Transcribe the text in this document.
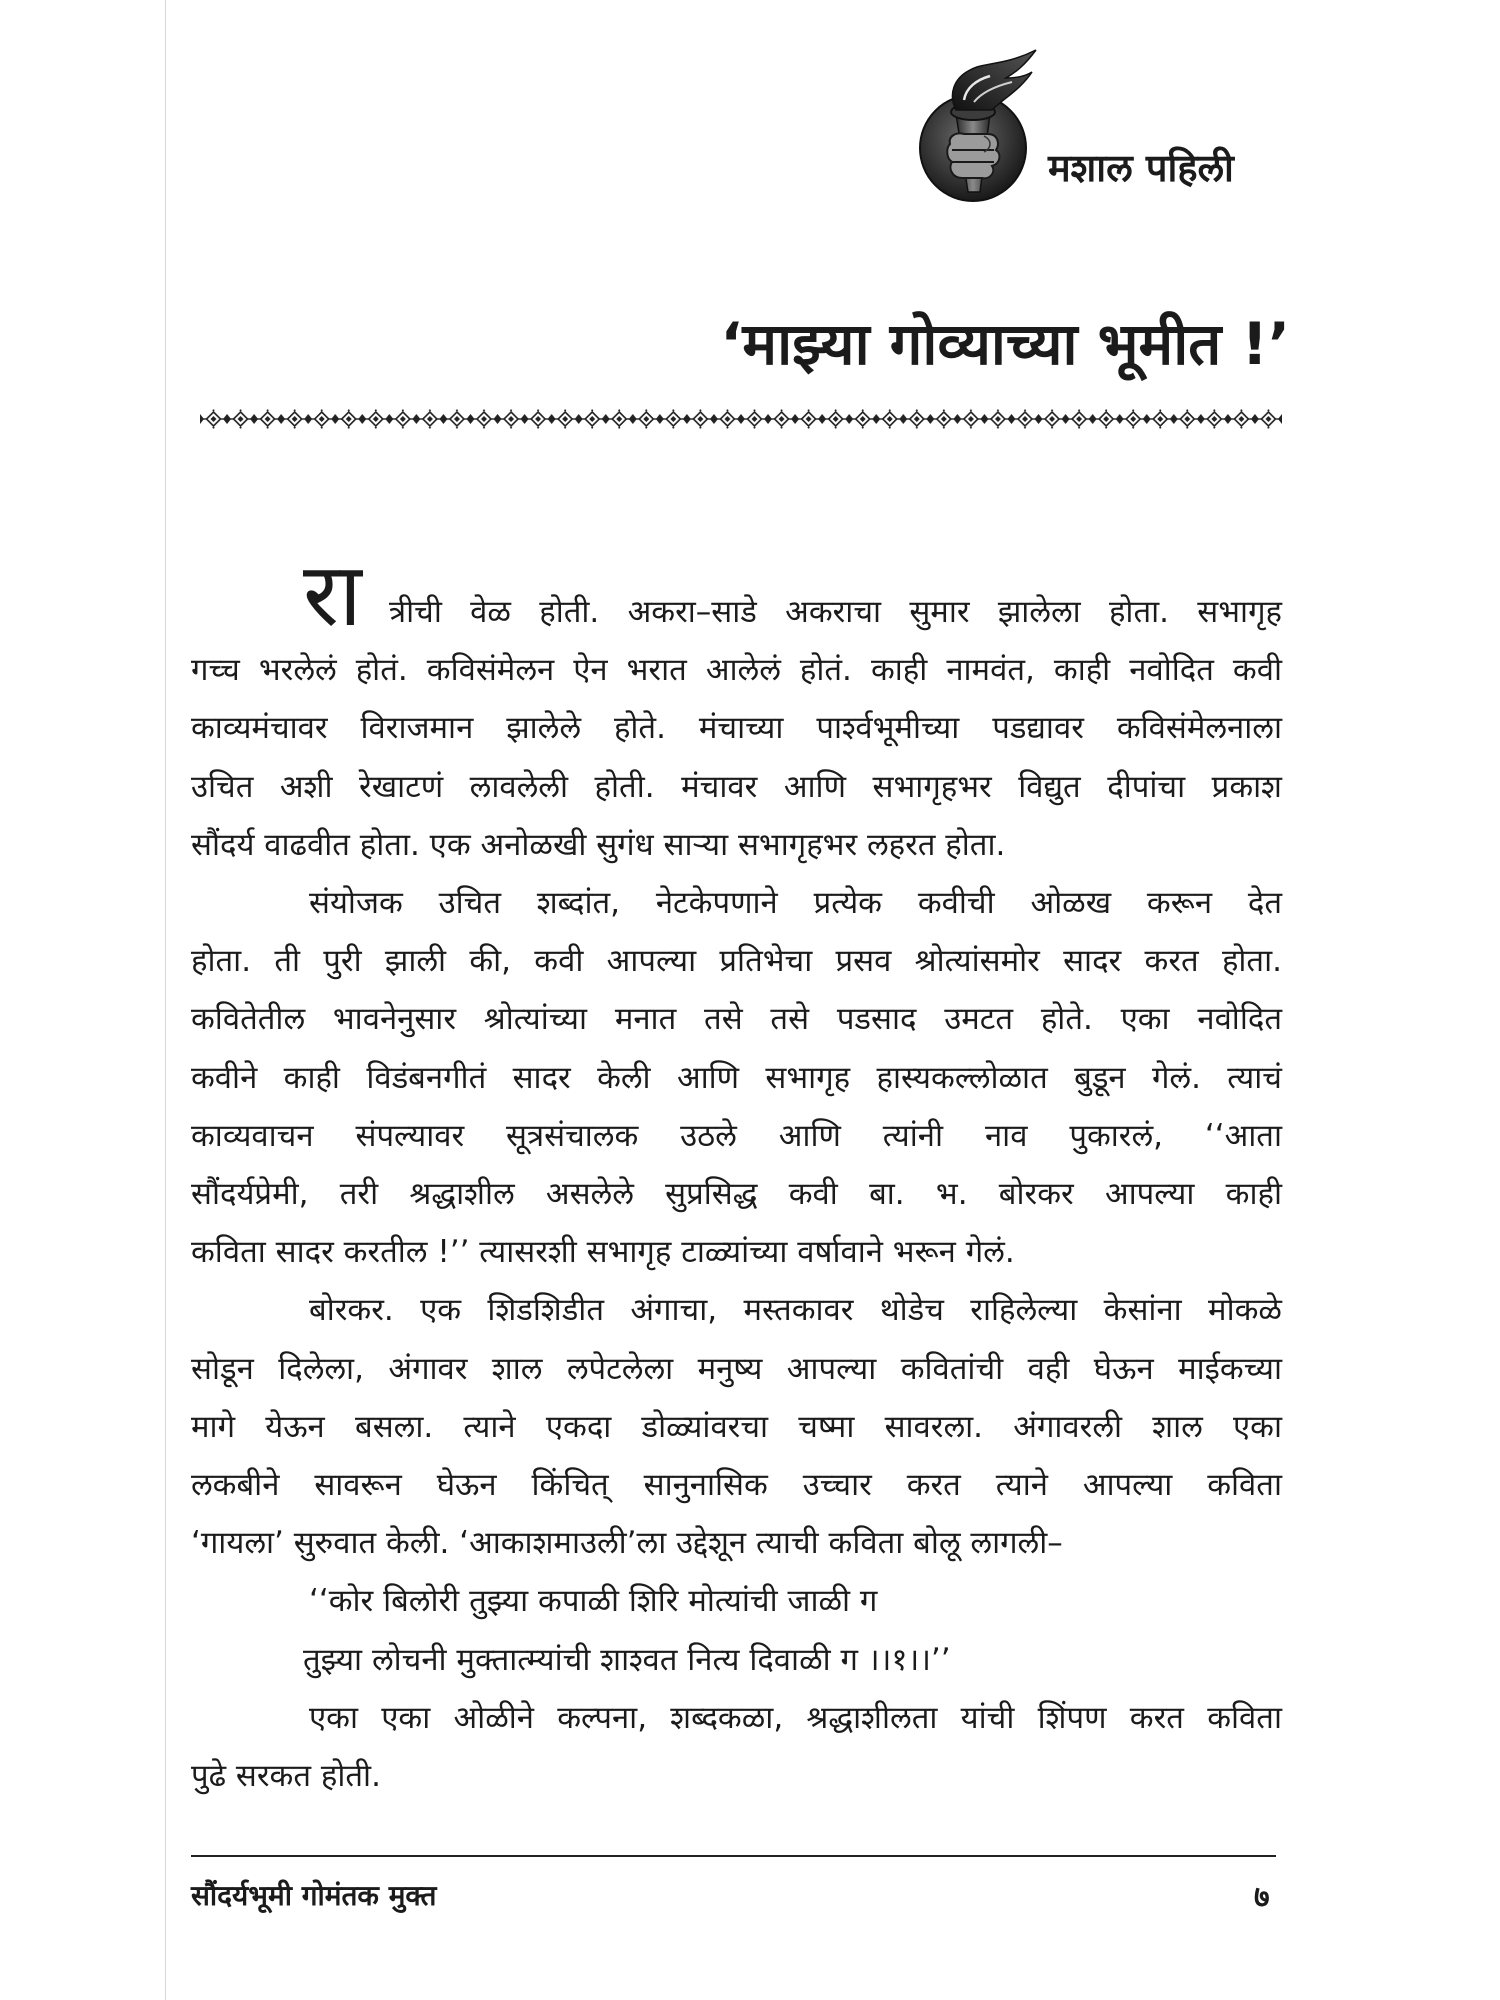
मशाल पहिली
‘माझ्या गोव्याच्या भूमीत !’
रा त्रीची वेळ होती. अकरा–साडे अकराचा सुमार झालेला होता. सभागृह
गच्च भरलेलं होतं. कविसंमेलन ऐन भरात आलेलं होतं. काही नामवंत, काही नवोदित कवी
काव्यमंचावर विराजमान झालेले होते. मंचाच्या पार्श्वभूमीच्या पडद्यावर कविसंमेलनाला
उचित अशी रेखाटणं लावलेली होती. मंचावर आणि सभागृहभर विद्युत दीपांचा प्रकाश
सौंदर्य वाढवीत होता. एक अनोळखी सुगंध साऱ्या सभागृहभर लहरत होता.
संयोजक उचित शब्दांत, नेटकेपणाने प्रत्येक कवीची ओळख करून देत
होता. ती पुरी झाली की, कवी आपल्या प्रतिभेचा प्रसव श्रोत्यांसमोर सादर करत होता.
कवितेतील भावनेनुसार श्रोत्यांच्या मनात तसे तसे पडसाद उमटत होते. एका नवोदित
कवीने काही विडंबनगीतं सादर केली आणि सभागृह हास्यकल्लोळात बुडून गेलं. त्याचं
काव्यवाचन संपल्यावर सूत्रसंचालक उठले आणि त्यांनी नाव पुकारलं, ‘‘आता
सौंदर्यप्रेमी, तरी श्रद्धाशील असलेले सुप्रसिद्ध कवी बा. भ. बोरकर आपल्या काही
कविता सादर करतील !’’ त्यासरशी सभागृह टाळ्यांच्या वर्षावाने भरून गेलं.
बोरकर. एक शिडशिडीत अंगाचा, मस्तकावर थोडेच राहिलेल्या केसांना मोकळे
सोडून दिलेला, अंगावर शाल लपेटलेला मनुष्य आपल्या कवितांची वही घेऊन माईकच्या
मागे येऊन बसला. त्याने एकदा डोळ्यांवरचा चष्मा सावरला. अंगावरली शाल एका
लकबीने सावरून घेऊन किंचित् सानुनासिक उच्चार करत त्याने आपल्या कविता
‘गायला’ सुरुवात केली. ‘आकाशमाउली’ला उद्देशून त्याची कविता बोलू लागली–
‘‘कोर बिलोरी तुझ्या कपाळी शिरि मोत्यांची जाळी ग
तुझ्या लोचनी मुक्तात्म्यांची शाश्वत नित्य दिवाळी ग ।।१।।’’
एका एका ओळीने कल्पना, शब्दकळा, श्रद्धाशीलता यांची शिंपण करत कविता
पुढे सरकत होती.
सौंदर्यभूमी गोमंतक मुक्त	७
